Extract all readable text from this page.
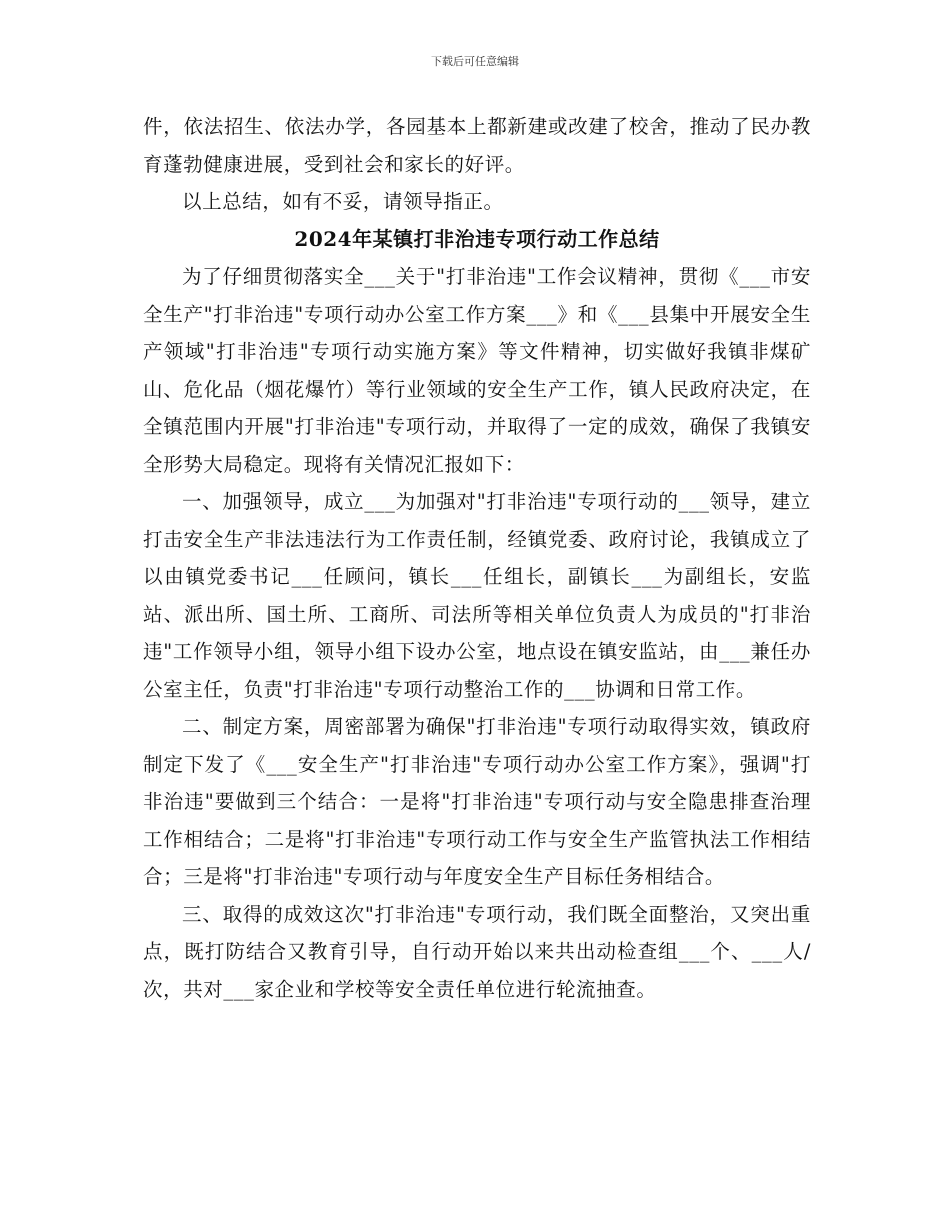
下载后可任意编辑

件，依法招生、依法办学，各园基本上都新建或改建了校舍，推动了民办教育蓬勃健康进展，受到社会和家长的好评。

以上总结，如有不妥，请领导指正。

2024年某镇打非治违专项行动工作总结

为了仔细贯彻落实全___关于"打非治违"工作会议精神，贯彻《___市安全生产"打非治违"专项行动办公室工作方案___》和《___县集中开展安全生产领域"打非治违"专项行动实施方案》等文件精神，切实做好我镇非煤矿山、危化品（烟花爆竹）等行业领域的安全生产工作，镇人民政府决定，在全镇范围内开展"打非治违"专项行动，并取得了一定的成效，确保了我镇安全形势大局稳定。现将有关情况汇报如下：

一、加强领导，成立___为加强对"打非治违"专项行动的___领导，建立打击安全生产非法违法行为工作责任制，经镇党委、政府讨论，我镇成立了以由镇党委书记___任顾问，镇长___任组长，副镇长___为副组长，安监站、派出所、国土所、工商所、司法所等相关单位负责人为成员的"打非治违"工作领导小组，领导小组下设办公室，地点设在镇安监站，由___兼任办公室主任，负责"打非治违"专项行动整治工作的___协调和日常工作。

二、制定方案，周密部署为确保"打非治违"专项行动取得实效，镇政府制定下发了《___安全生产"打非治违"专项行动办公室工作方案》，强调"打非治违"要做到三个结合：一是将"打非治违"专项行动与安全隐患排查治理工作相结合；二是将"打非治违"专项行动工作与安全生产监管执法工作相结合；三是将"打非治违"专项行动与年度安全生产目标任务相结合。

三、取得的成效这次"打非治违"专项行动，我们既全面整治，又突出重点，既打防结合又教育引导，自行动开始以来共出动检查组___个、___人/次，共对___家企业和学校等安全责任单位进行轮流抽查。
